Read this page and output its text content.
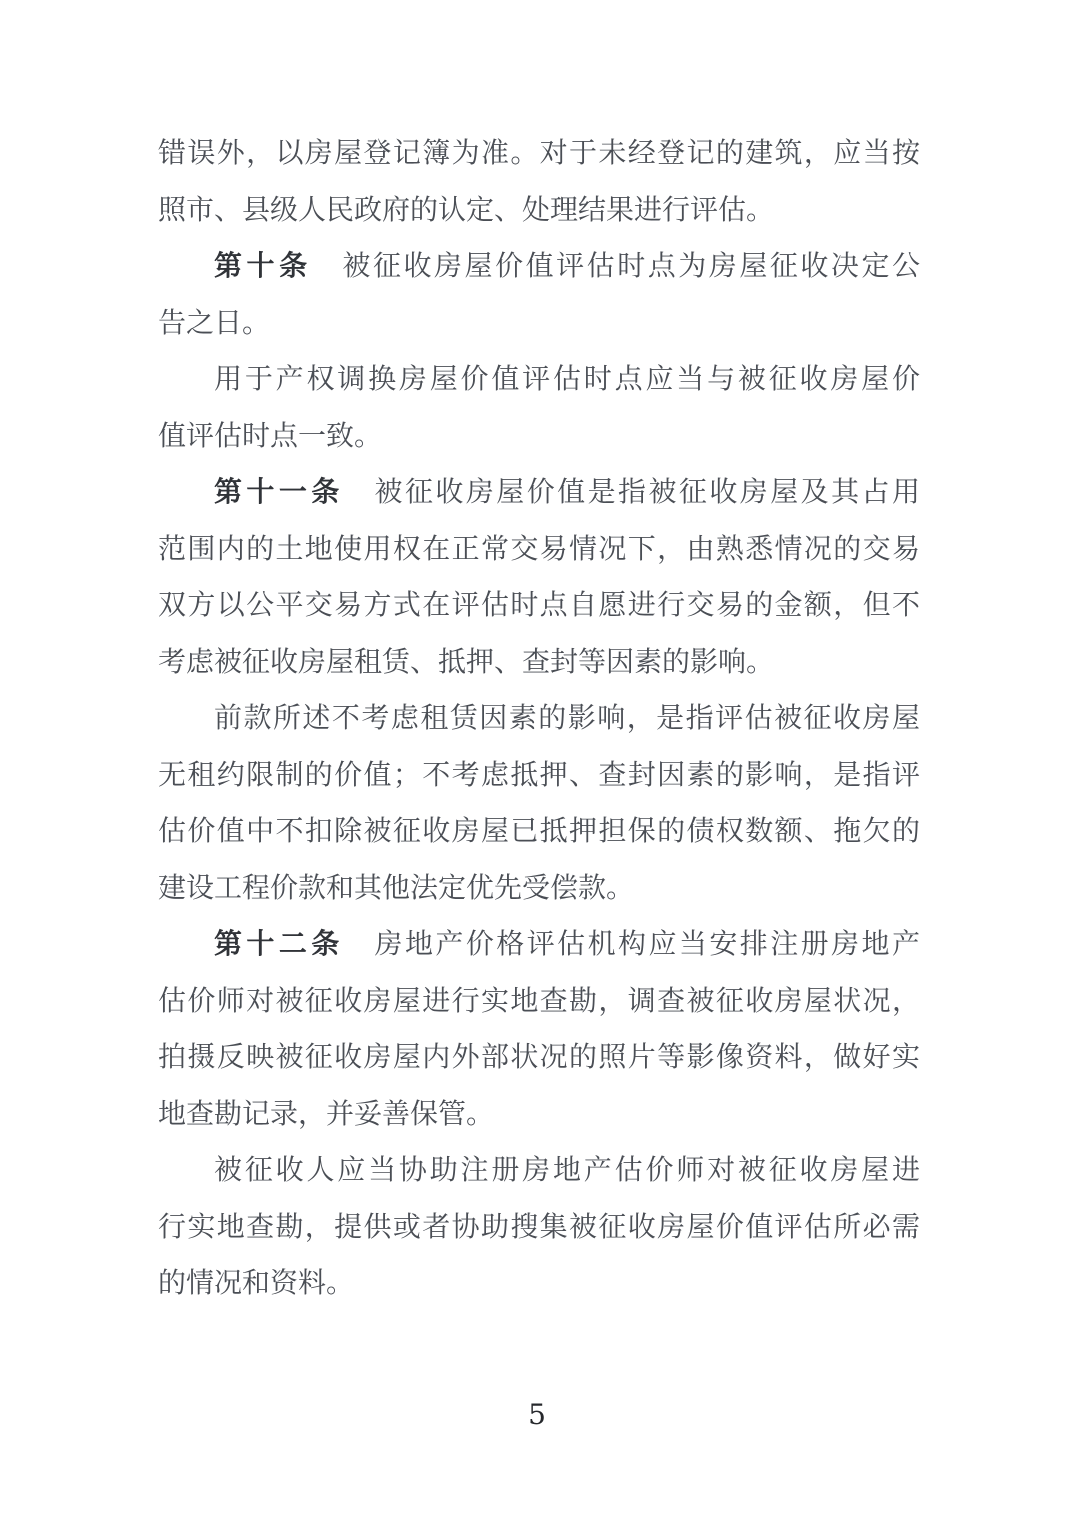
错误外，以房屋登记簿为准。对于未经登记的建筑，应当按
照市、县级人民政府的认定、处理结果进行评估。
第十条 被征收房屋价值评估时点为房屋征收决定公
告之日。
用于产权调换房屋价值评估时点应当与被征收房屋价
值评估时点一致。
第十一条 被征收房屋价值是指被征收房屋及其占用
范围内的土地使用权在正常交易情况下，由熟悉情况的交易
双方以公平交易方式在评估时点自愿进行交易的金额，但不
考虑被征收房屋租赁、抵押、查封等因素的影响。
前款所述不考虑租赁因素的影响，是指评估被征收房屋
无租约限制的价值；不考虑抵押、查封因素的影响，是指评
估价值中不扣除被征收房屋已抵押担保的债权数额、拖欠的
建设工程价款和其他法定优先受偿款。
第十二条 房地产价格评估机构应当安排注册房地产
估价师对被征收房屋进行实地查勘，调查被征收房屋状况，
拍摄反映被征收房屋内外部状况的照片等影像资料，做好实
地查勘记录，并妥善保管。
被征收人应当协助注册房地产估价师对被征收房屋进
行实地查勘，提供或者协助搜集被征收房屋价值评估所必需
的情况和资料。
5
